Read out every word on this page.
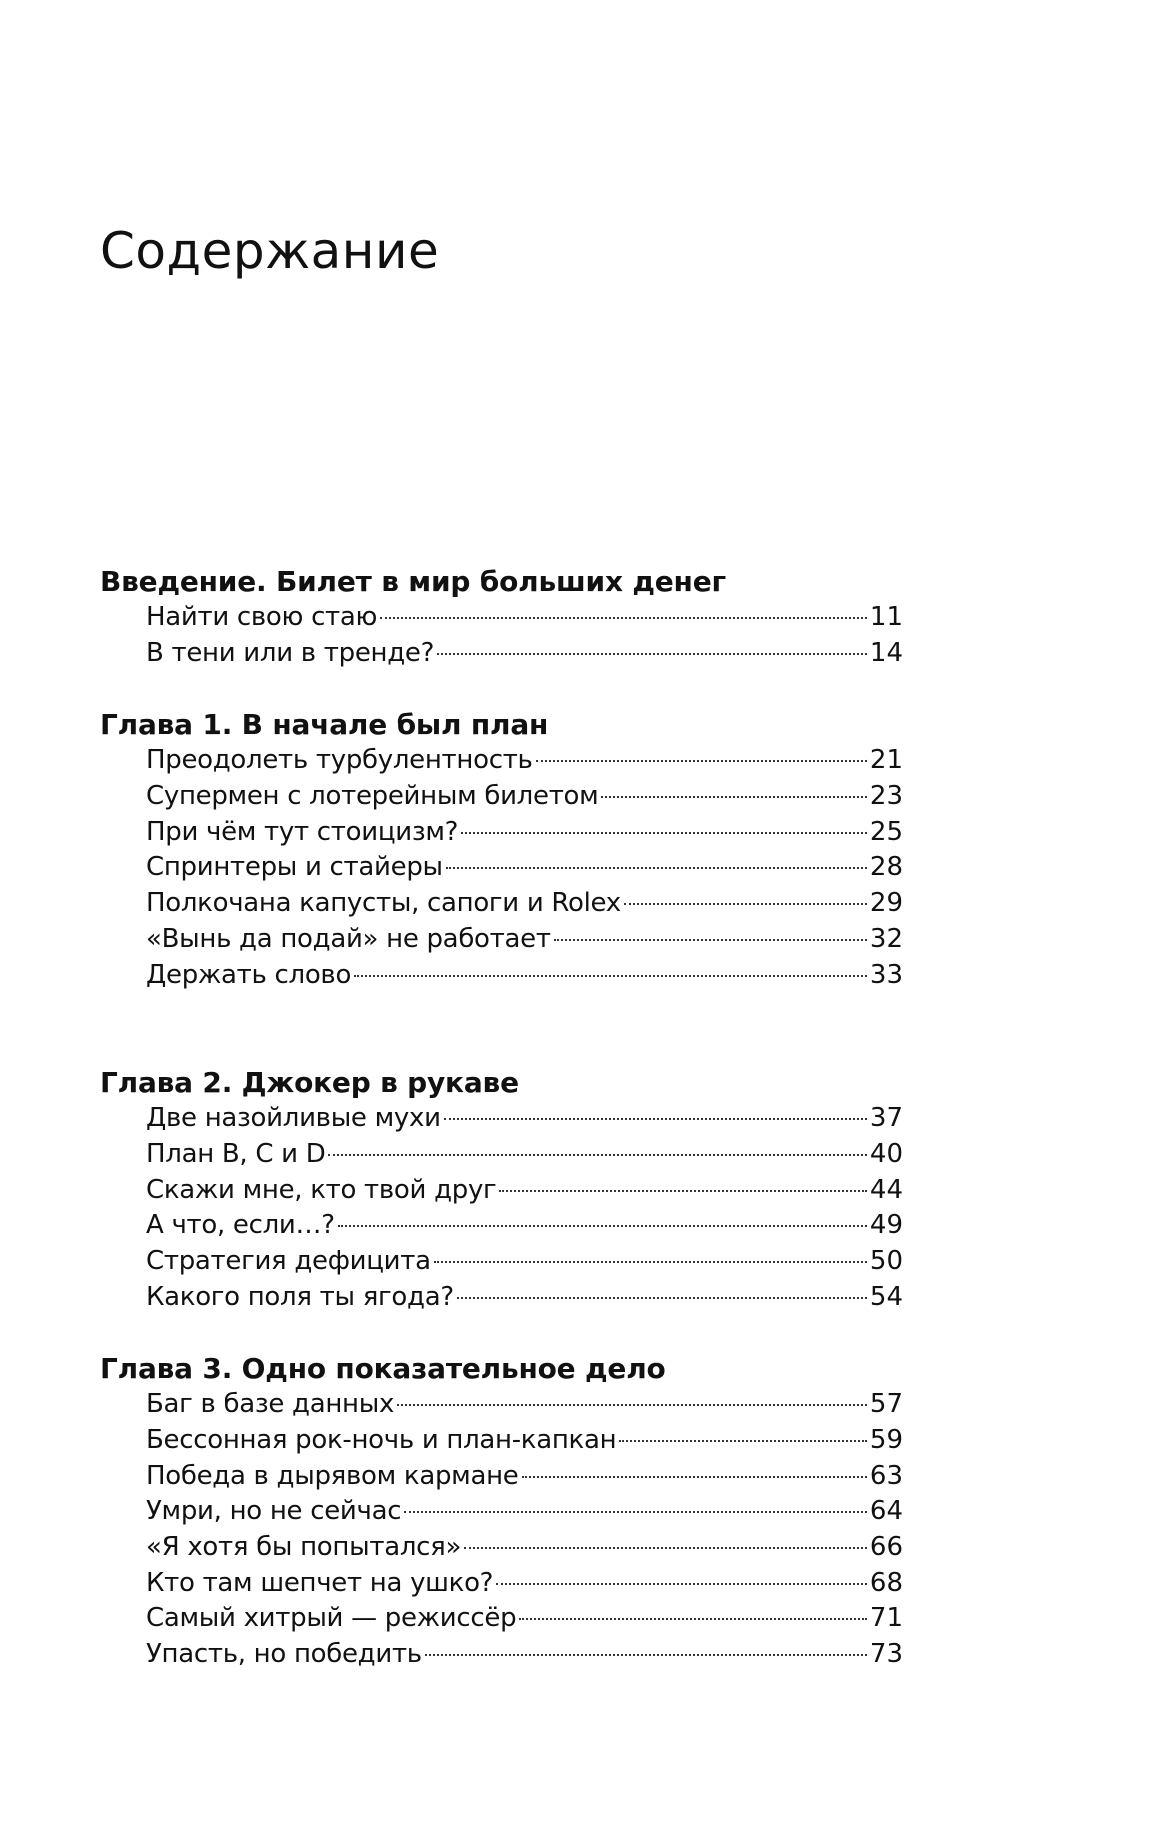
Содержание
Введение. Билет в мир больших денег
Найти свою стаю	11
В тени или в тренде?	14
Глава 1. В начале был план
Преодолеть турбулентность	21
Супермен с лотерейным билетом	23
При чём тут стоицизм?	25
Спринтеры и стайеры	28
Полкочана капусты, сапоги и Rolex	29
«Вынь да подай» не работает	32
Держать слово	33
Глава 2. Джокер в рукаве
Две назойливые мухи	37
План B, C и D	40
Скажи мне, кто твой друг	44
А что, если…?	49
Стратегия дефицита	50
Какого поля ты ягода?	54
Глава 3. Одно показательное дело
Баг в базе данных	57
Бессонная рок-ночь и план-капкан	59
Победа в дырявом кармане	63
Умри, но не сейчас	64
«Я хотя бы попытался»	66
Кто там шепчет на ушко?	68
Самый хитрый — режиссёр	71
Упасть, но победить	73
